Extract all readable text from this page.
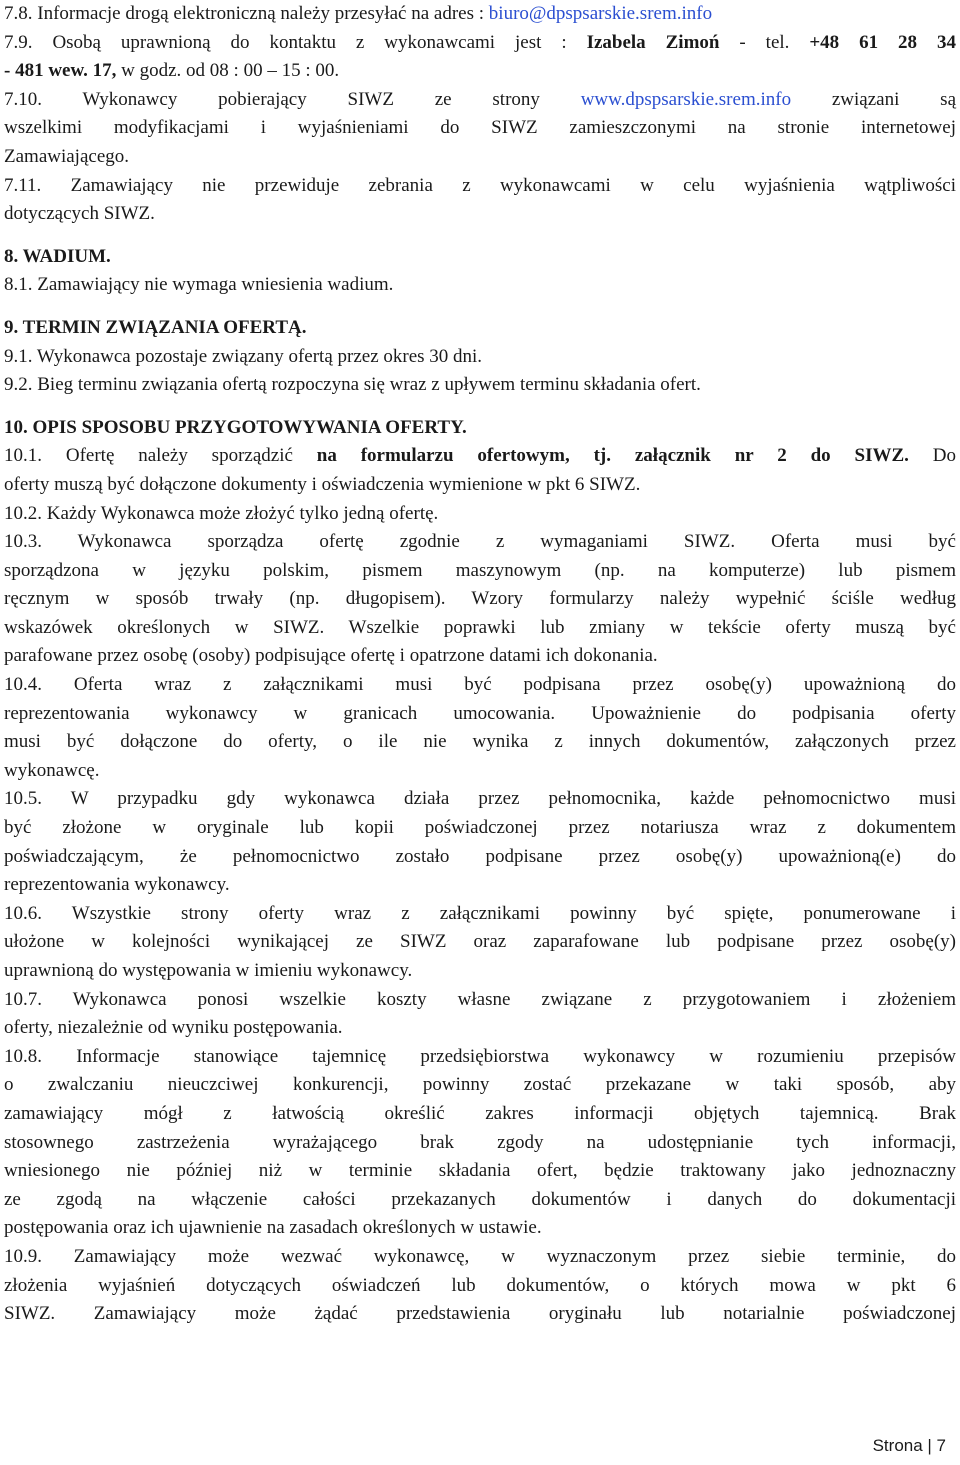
7.8. Informacje drogą elektroniczną należy przesyłać na adres : biuro@dpspsarskie.srem.info
7.9. Osobą uprawnioną do kontaktu z wykonawcami jest : Izabela Zimoń - tel. +48 61 28 34
- 481 wew. 17, w godz. od 08 : 00 – 15 : 00.
7.10. Wykonawcy pobierający SIWZ ze strony www.dpspsarskie.srem.info związani są
wszelkimi modyfikacjami i wyjaśnieniami do SIWZ zamieszczonymi na stronie internetowej
Zamawiającego.
7.11. Zamawiający nie przewiduje zebrania z wykonawcami w celu wyjaśnienia wątpliwości
dotyczących SIWZ.
8. WADIUM.
8.1. Zamawiający nie wymaga wniesienia wadium.
9. TERMIN ZWIĄZANIA OFERTĄ.
9.1. Wykonawca pozostaje związany ofertą przez okres 30 dni.
9.2. Bieg terminu związania ofertą rozpoczyna się wraz z upływem terminu składania ofert.
10. OPIS SPOSOBU PRZYGOTOWYWANIA OFERTY.
10.1. Ofertę należy sporządzić na formularzu ofertowym, tj. załącznik nr 2 do SIWZ. Do
oferty muszą być dołączone dokumenty i oświadczenia wymienione w pkt 6 SIWZ.
10.2. Każdy Wykonawca może złożyć tylko jedną ofertę.
10.3. Wykonawca sporządza ofertę zgodnie z wymaganiami SIWZ. Oferta musi być
sporządzona w języku polskim, pismem maszynowym (np. na komputerze) lub pismem
ręcznym w sposób trwały (np. długopisem). Wzory formularzy należy wypełnić ściśle według
wskazówek określonych w SIWZ. Wszelkie poprawki lub zmiany w tekście oferty muszą być
parafowane przez osobę (osoby) podpisujące ofertę i opatrzone datami ich dokonania.
10.4. Oferta wraz z załącznikami musi być podpisana przez osobę(y) upoważnioną do
reprezentowania wykonawcy w granicach umocowania. Upoważnienie do podpisania oferty
musi być dołączone do oferty, o ile nie wynika z innych dokumentów, załączonych przez
wykonawcę.
10.5. W przypadku gdy wykonawca działa przez pełnomocnika, każde pełnomocnictwo musi
być złożone w oryginale lub kopii poświadczonej przez notariusza wraz z dokumentem
poświadczającym, że pełnomocnictwo zostało podpisane przez osobę(y) upoważnioną(e) do
reprezentowania wykonawcy.
10.6. Wszystkie strony oferty wraz z załącznikami powinny być spięte, ponumerowane i
ułożone w kolejności wynikającej ze SIWZ oraz zaparafowane lub podpisane przez osobę(y)
uprawnioną do występowania w imieniu wykonawcy.
10.7. Wykonawca ponosi wszelkie koszty własne związane z przygotowaniem i złożeniem
oferty, niezależnie od wyniku postępowania.
10.8. Informacje stanowiące tajemnicę przedsiębiorstwa wykonawcy w rozumieniu przepisów
o zwalczaniu nieuczciwej konkurencji, powinny zostać przekazane w taki sposób, aby
zamawiający mógł z łatwością określić zakres informacji objętych tajemnicą. Brak
stosownego zastrzeżenia wyrażającego brak zgody na udostępnianie tych informacji,
wniesionego nie później niż w terminie składania ofert, będzie traktowany jako jednoznaczny
ze zgodą na włączenie całości przekazanych dokumentów i danych do dokumentacji
postępowania oraz ich ujawnienie na zasadach określonych w ustawie.
10.9. Zamawiający może wezwać wykonawcę, w wyznaczonym przez siebie terminie, do
złożenia wyjaśnień dotyczących oświadczeń lub dokumentów, o których mowa w pkt 6
SIWZ. Zamawiający może żądać przedstawienia oryginału lub notarialnie poświadczonej
Strona | 7
